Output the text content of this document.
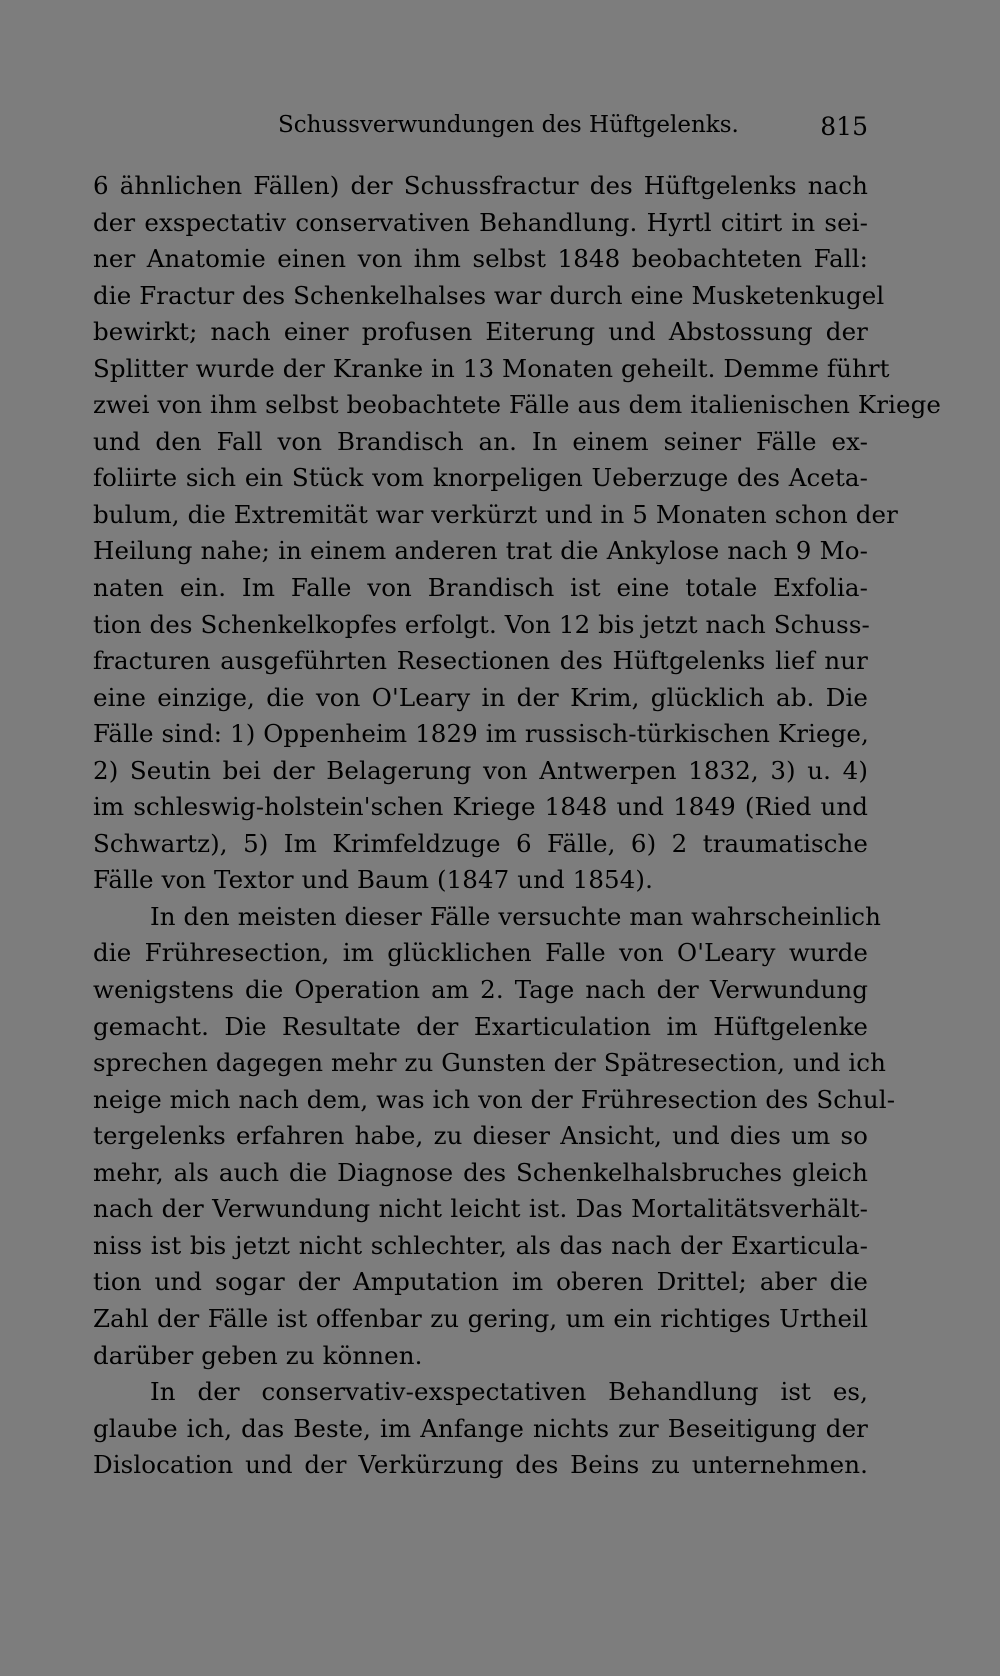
Schussverwundungen des Hüftgelenks.	815
6 ähnlichen Fällen) der Schussfractur des Hüftgelenks nach
der exspectativ conservativen Behandlung. Hyrtl citirt in sei-
ner Anatomie einen von ihm selbst 1848 beobachteten Fall:
die Fractur des Schenkelhalses war durch eine Musketenkugel
bewirkt; nach einer profusen Eiterung und Abstossung der
Splitter wurde der Kranke in 13 Monaten geheilt. Demme führt
zwei von ihm selbst beobachtete Fälle aus dem italienischen Kriege
und den Fall von Brandisch an. In einem seiner Fälle ex-
foliirte sich ein Stück vom knorpeligen Ueberzuge des Aceta-
bulum, die Extremität war verkürzt und in 5 Monaten schon der
Heilung nahe; in einem anderen trat die Ankylose nach 9 Mo-
naten ein. Im Falle von Brandisch ist eine totale Exfolia-
tion des Schenkelkopfes erfolgt. Von 12 bis jetzt nach Schuss-
fracturen ausgeführten Resectionen des Hüftgelenks lief nur
eine einzige, die von O'Leary in der Krim, glücklich ab. Die
Fälle sind: 1) Oppenheim 1829 im russisch-türkischen Kriege,
2) Seutin bei der Belagerung von Antwerpen 1832, 3) u. 4)
im schleswig-holstein'schen Kriege 1848 und 1849 (Ried und
Schwartz), 5) Im Krimfeldzuge 6 Fälle, 6) 2 traumatische
Fälle von Textor und Baum (1847 und 1854).
In den meisten dieser Fälle versuchte man wahrscheinlich
die Frühresection, im glücklichen Falle von O'Leary wurde
wenigstens die Operation am 2. Tage nach der Verwundung
gemacht. Die Resultate der Exarticulation im Hüftgelenke
sprechen dagegen mehr zu Gunsten der Spätresection, und ich
neige mich nach dem, was ich von der Frühresection des Schul-
tergelenks erfahren habe, zu dieser Ansicht, und dies um so
mehr, als auch die Diagnose des Schenkelhalsbruches gleich
nach der Verwundung nicht leicht ist. Das Mortalitätsverhält-
niss ist bis jetzt nicht schlechter, als das nach der Exarticula-
tion und sogar der Amputation im oberen Drittel; aber die
Zahl der Fälle ist offenbar zu gering, um ein richtiges Urtheil
darüber geben zu können.
In der conservativ-exspectativen Behandlung ist es,
glaube ich, das Beste, im Anfange nichts zur Beseitigung der
Dislocation und der Verkürzung des Beins zu unternehmen.
